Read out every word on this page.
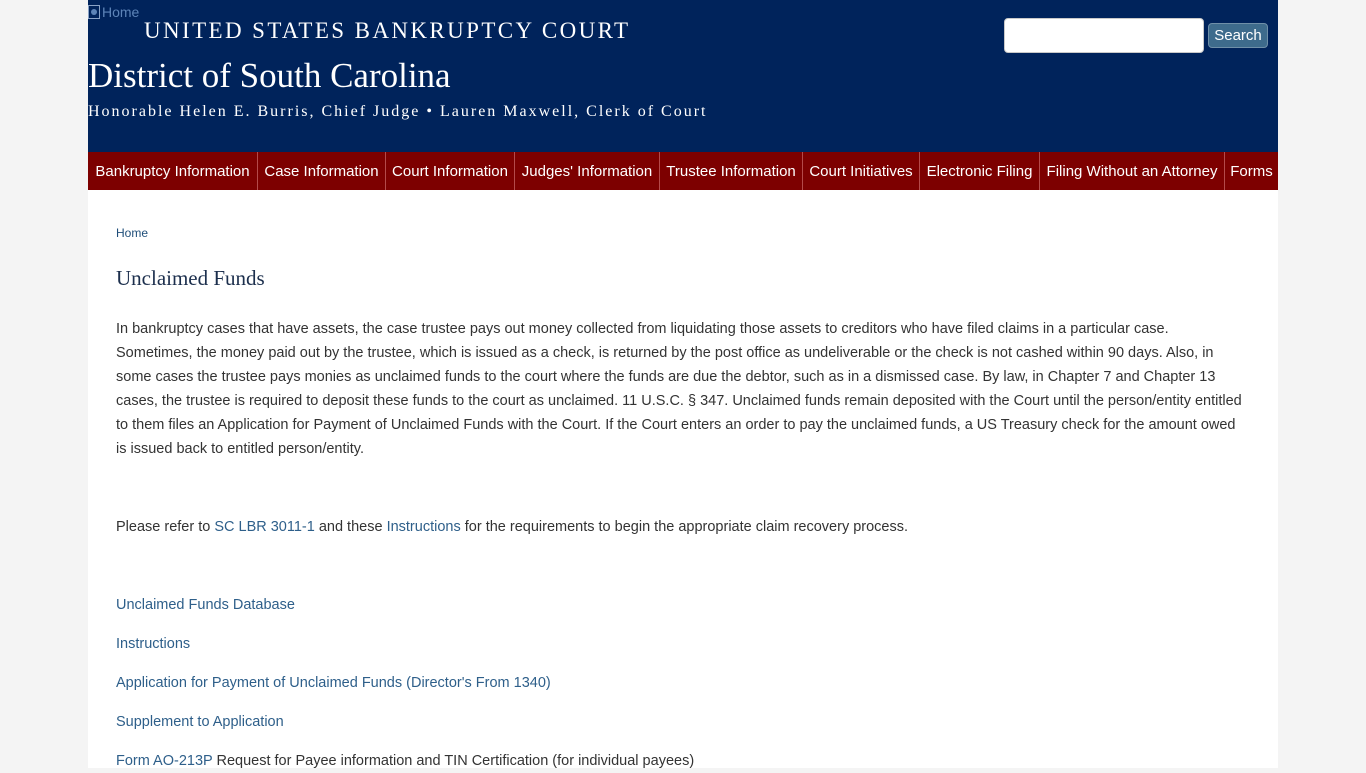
Home
UNITED STATES BANKRUPTCY COURT
District of South Carolina
Honorable Helen E. Burris, Chief Judge • Lauren Maxwell, Clerk of Court
Search
Bankruptcy Information Case Information Court Information Judges' Information Trustee Information Court Initiatives Electronic Filing Filing Without an Attorney Forms
Home
Unclaimed Funds

In bankruptcy cases that have assets, the case trustee pays out money collected from liquidating those assets to creditors who have filed claims in a particular case. Sometimes, the money paid out by the trustee, which is issued as a check, is returned by the post office as undeliverable or the check is not cashed within 90 days. Also, in some cases the trustee pays monies as unclaimed funds to the court where the funds are due the debtor, such as in a dismissed case. By law, in Chapter 7 and Chapter 13 cases, the trustee is required to deposit these funds to the court as unclaimed. 11 U.S.C. § 347. Unclaimed funds remain deposited with the Court until the person/entity entitled to them files an Application for Payment of Unclaimed Funds with the Court. If the Court enters an order to pay the unclaimed funds, a US Treasury check for the amount owed is issued back to entitled person/entity.

Please refer to SC LBR 3011-1 and these Instructions for the requirements to begin the appropriate claim recovery process.

Unclaimed Funds Database
Instructions
Application for Payment of Unclaimed Funds (Director's From 1340)
Supplement to Application
Form AO-213P Request for Payee information and TIN Certification (for individual payees)
